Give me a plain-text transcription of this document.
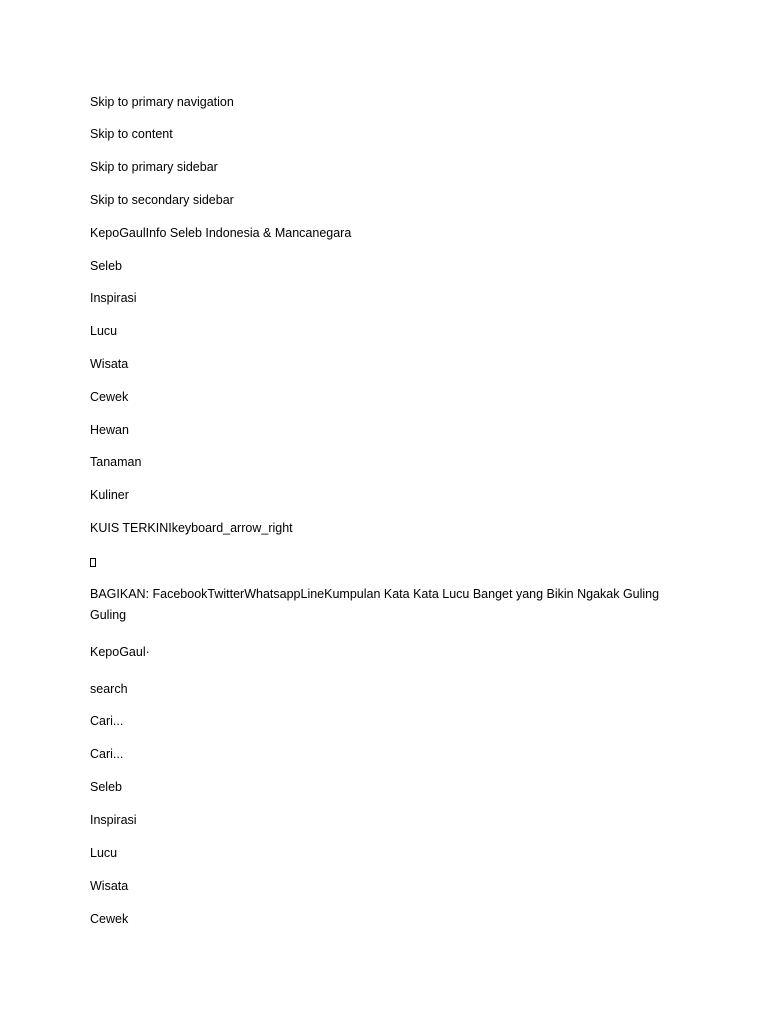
Skip to primary navigation
Skip to content
Skip to primary sidebar
Skip to secondary sidebar
KepoGaulInfo Seleb Indonesia & Mancanegara
Seleb
Inspirasi
Lucu
Wisata
Cewek
Hewan
Tanaman
Kuliner
KUIS TERKINIkeyboard_arrow_right
BAGIKAN: FacebookTwitterWhatsappLineKumpulan Kata Kata Lucu Banget yang Bikin Ngakak Guling Guling
KepoGaul·
search
Cari...
Cari...
Seleb
Inspirasi
Lucu
Wisata
Cewek
